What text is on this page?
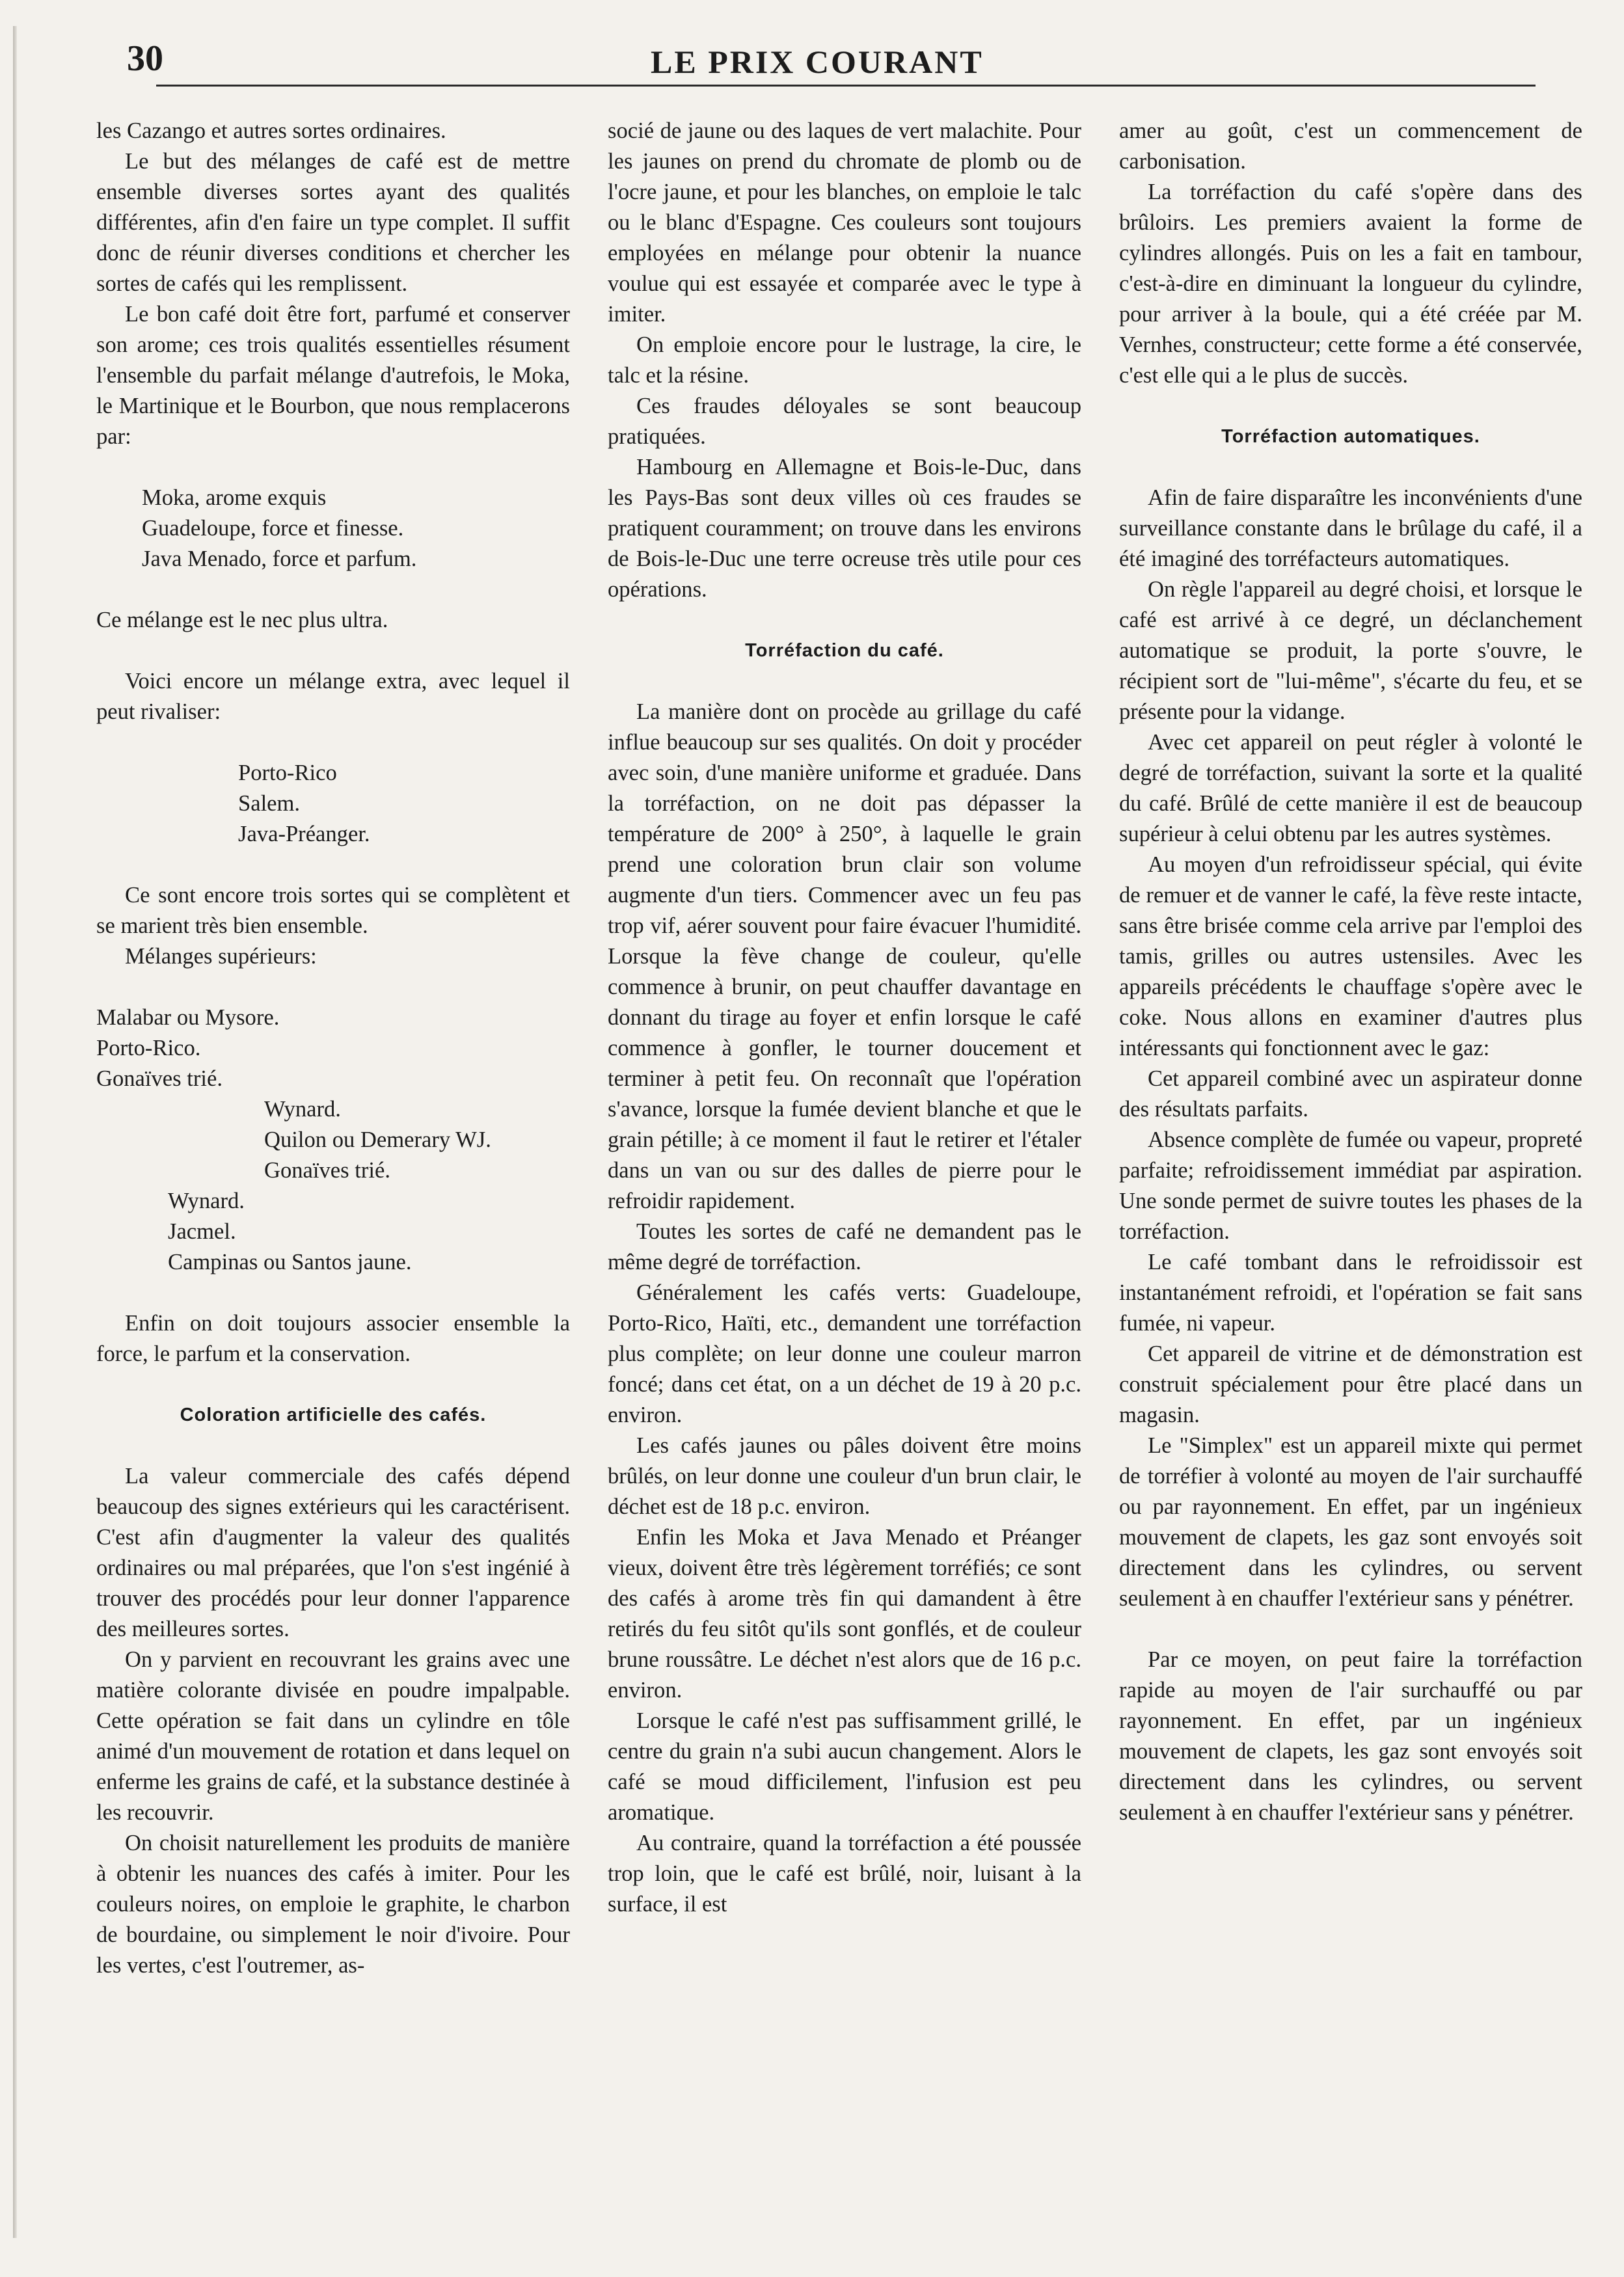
30	LE PRIX COURANT

les Cazango et autres sortes ordinaires.

Le but des mélanges de café est de mettre ensemble diverses sortes ayant des qualités différentes, afin d'en faire un type complet. Il suffit donc de réunir diverses conditions et chercher les sortes de cafés qui les remplissent.

Le bon café doit être fort, parfumé et conserver son arome; ces trois qualités essentielles résument l'ensemble du parfait mélange d'autrefois, le Moka, le Martinique et le Bourbon, que nous remplacerons par:

Moka, arome exquis
Guadeloupe, force et finesse.
Java Menado, force et parfum.

Ce mélange est le nec plus ultra.

Voici encore un mélange extra, avec lequel il peut rivaliser:

Porto-Rico
Salem.
Java-Préanger.

Ce sont encore trois sortes qui se complètent et se marient très bien ensemble.

Mélanges supérieurs:

Malabar ou Mysore.
Porto-Rico.
Gonaïves trié.
Wynard.
Quilon ou Demerary WJ.
Gonaïves trié.
Wynard.
Jacmel.
Campinas ou Santos jaune.

Enfin on doit toujours associer ensemble la force, le parfum et la conservation.

Coloration artificielle des cafés.

La valeur commerciale des cafés dépend beaucoup des signes extérieurs qui les caractérisent. C'est afin d'augmenter la valeur des qualités ordinaires ou mal préparées, que l'on s'est ingénié à trouver des procédés pour leur donner l'apparence des meilleures sortes.

On y parvient en recouvrant les grains avec une matière colorante divisée en poudre impalpable. Cette opération se fait dans un cylindre en tôle animé d'un mouvement de rotation et dans lequel on enferme les grains de café, et la substance destinée à les recouvrir.

On choisit naturellement les produits de manière à obtenir les nuances des cafés à imiter. Pour les couleurs noires, on emploie le graphite, le charbon de bourdaine, ou simplement le noir d'ivoire. Pour les vertes, c'est l'outremer, as-

socié de jaune ou des laques de vert malachite. Pour les jaunes on prend du chromate de plomb ou de l'ocre jaune, et pour les blanches, on emploie le talc ou le blanc d'Espagne. Ces couleurs sont toujours employées en mélange pour obtenir la nuance voulue qui est essayée et comparée avec le type à imiter.

On emploie encore pour le lustrage, la cire, le talc et la résine.

Ces fraudes déloyales se sont beaucoup pratiquées.

Hambourg en Allemagne et Bois-le-Duc, dans les Pays-Bas sont deux villes où ces fraudes se pratiquent couramment; on trouve dans les environs de Bois-le-Duc une terre ocreuse très utile pour ces opérations.

Torréfaction du café.

La manière dont on procède au grillage du café influe beaucoup sur ses qualités. On doit y procéder avec soin, d'une manière uniforme et graduée. Dans la torréfaction, on ne doit pas dépasser la température de 200° à 250°, à laquelle le grain prend une coloration brun clair son volume augmente d'un tiers. Commencer avec un feu pas trop vif, aérer souvent pour faire évacuer l'humidité. Lorsque la fève change de couleur, qu'elle commence à brunir, on peut chauffer davantage en donnant du tirage au foyer et enfin lorsque le café commence à gonfler, le tourner doucement et terminer à petit feu. On reconnaît que l'opération s'avance, lorsque la fumée devient blanche et que le grain pétille; à ce moment il faut le retirer et l'étaler dans un van ou sur des dalles de pierre pour le refroidir rapidement.

Toutes les sortes de café ne demandent pas le même degré de torréfaction.

Généralement les cafés verts: Guadeloupe, Porto-Rico, Haïti, etc., demandent une torréfaction plus complète; on leur donne une couleur marron foncé; dans cet état, on a un déchet de 19 à 20 p.c. environ.

Les cafés jaunes ou pâles doivent être moins brûlés, on leur donne une couleur d'un brun clair, le déchet est de 18 p.c. environ.

Enfin les Moka et Java Menado et Préanger vieux, doivent être très légèrement torréfiés; ce sont des cafés à arome très fin qui damandent à être retirés du feu sitôt qu'ils sont gonflés, et de couleur brune roussâtre. Le déchet n'est alors que de 16 p.c. environ.

Lorsque le café n'est pas suffisamment grillé, le centre du grain n'a subi aucun changement. Alors le café se moud difficilement, l'infusion est peu aromatique.

Au contraire, quand la torréfaction a été poussée trop loin, que le café est brûlé, noir, luisant à la surface, il est

amer au goût, c'est un commencement de carbonisation.

La torréfaction du café s'opère dans des brûloirs. Les premiers avaient la forme de cylindres allongés. Puis on les a fait en tambour, c'est-à-dire en diminuant la longueur du cylindre, pour arriver à la boule, qui a été créée par M. Vernhes, constructeur; cette forme a été conservée, c'est elle qui a le plus de succès.

Torréfaction automatiques.

Afin de faire disparaître les inconvénients d'une surveillance constante dans le brûlage du café, il a été imaginé des torréfacteurs automatiques.

On règle l'appareil au degré choisi, et lorsque le café est arrivé à ce degré, un déclanchement automatique se produit, la porte s'ouvre, le récipient sort de "lui-même", s'écarte du feu, et se présente pour la vidange.

Avec cet appareil on peut régler à volonté le degré de torréfaction, suivant la sorte et la qualité du café. Brûlé de cette manière il est de beaucoup supérieur à celui obtenu par les autres systèmes.

Au moyen d'un refroidisseur spécial, qui évite de remuer et de vanner le café, la fève reste intacte, sans être brisée comme cela arrive par l'emploi des tamis, grilles ou autres ustensiles. Avec les appareils précédents le chauffage s'opère avec le coke. Nous allons en examiner d'autres plus intéressants qui fonctionnent avec le gaz:

Cet appareil combiné avec un aspirateur donne des résultats parfaits.

Absence complète de fumée ou vapeur, propreté parfaite; refroidissement immédiat par aspiration. Une sonde permet de suivre toutes les phases de la torréfaction.

Le café tombant dans le refroidissoir est instantanément refroidi, et l'opération se fait sans fumée, ni vapeur.

Cet appareil de vitrine et de démonstration est construit spécialement pour être placé dans un magasin.

Le "Simplex" est un appareil mixte qui permet de torréfier à volonté au moyen de l'air surchauffé ou par rayonnement. En effet, par un ingénieux mouvement de clapets, les gaz sont envoyés soit directement dans les cylindres, ou servent seulement à en chauffer l'extérieur sans y pénétrer.

Par ce moyen, on peut faire la torréfaction rapide au moyen de l'air surchauffé ou par rayonnement. En effet, par un ingénieux mouvement de clapets, les gaz sont envoyés soit directement dans les cylindres, ou servent seulement à en chauffer l'extérieur sans y pénétrer.
